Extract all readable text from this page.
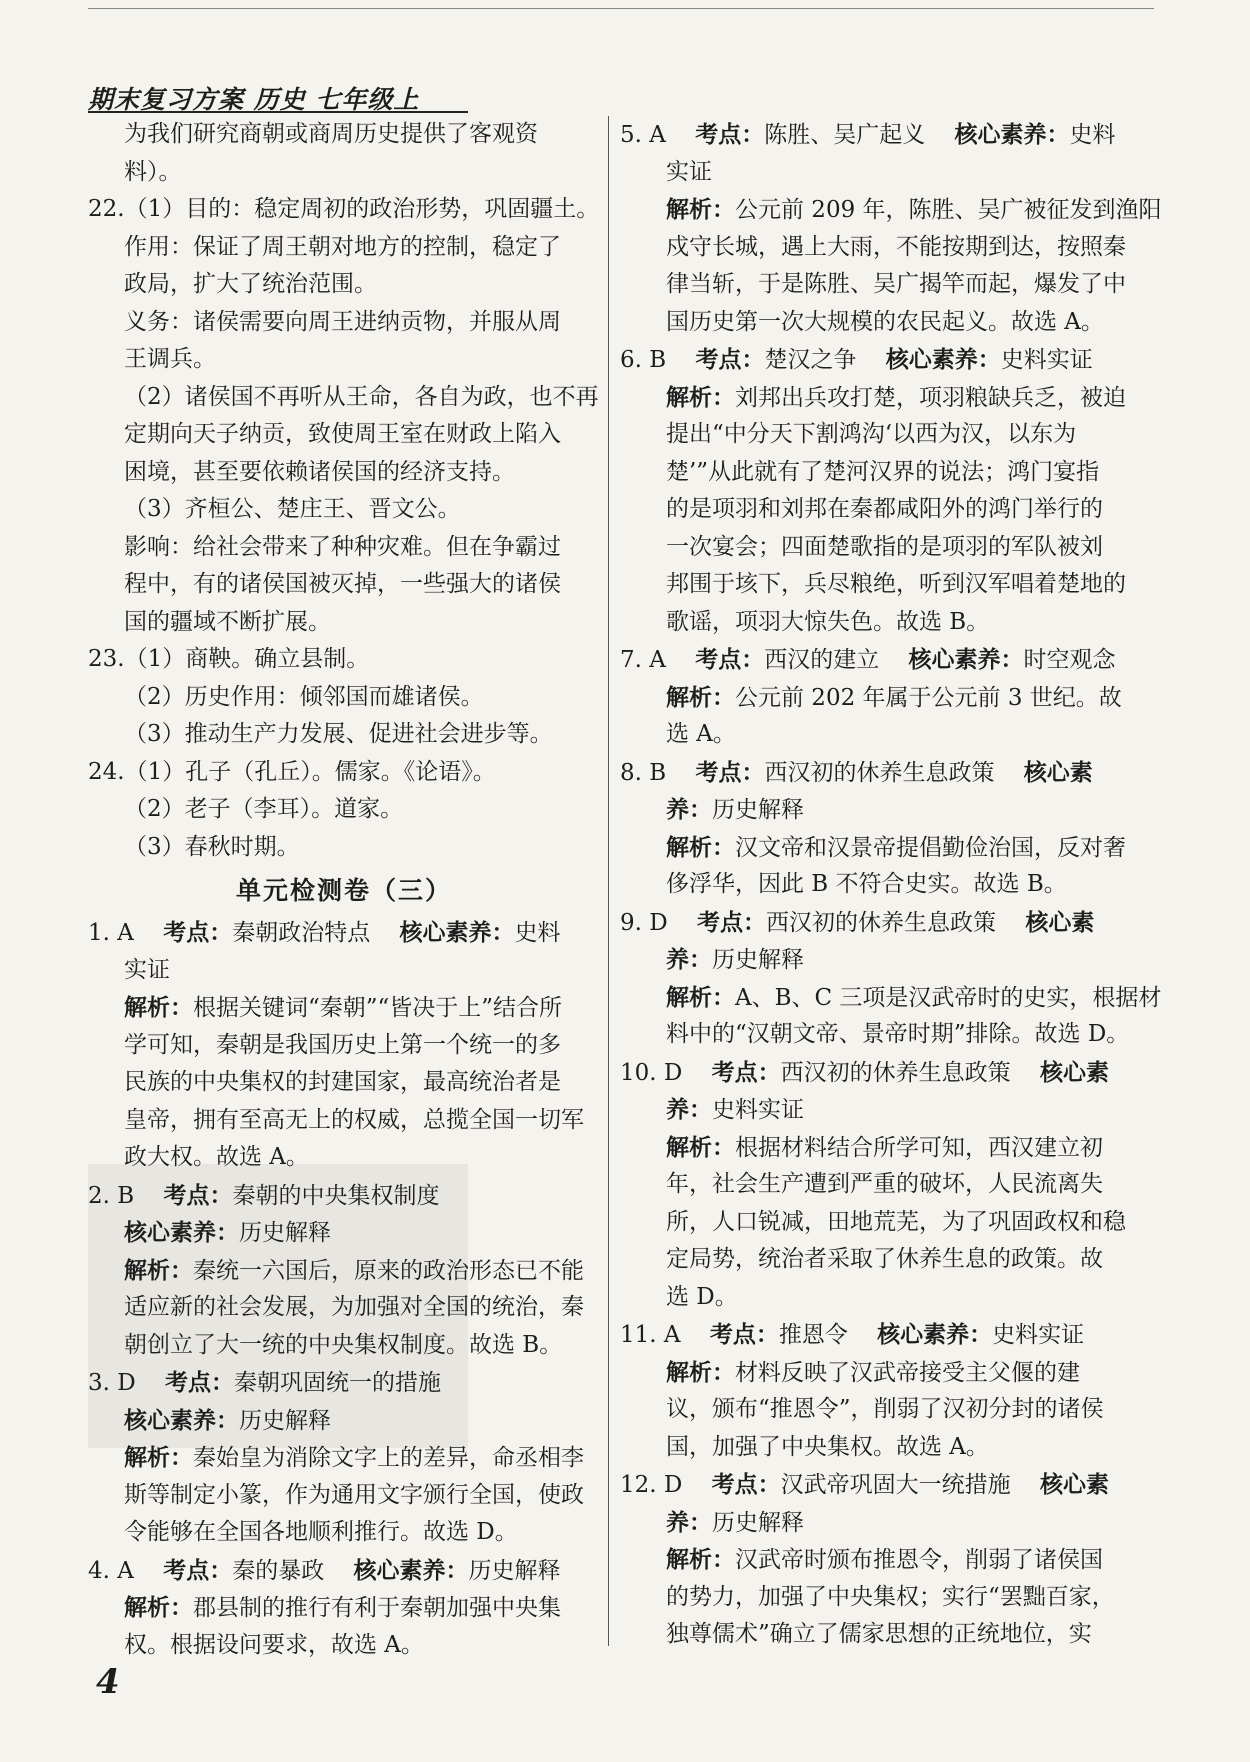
期末复习方案 历史 七年级上
为我们研究商朝或商周历史提供了客观资
料）。
22.（1）目的：稳定周初的政治形势，巩固疆土。
作用：保证了周王朝对地方的控制，稳定了
政局，扩大了统治范围。
义务：诸侯需要向周王进纳贡物，并服从周
王调兵。
（2）诸侯国不再听从王命，各自为政，也不再
定期向天子纳贡，致使周王室在财政上陷入
困境，甚至要依赖诸侯国的经济支持。
（3）齐桓公、楚庄王、晋文公。
影响：给社会带来了种种灾难。但在争霸过
程中，有的诸侯国被灭掉，一些强大的诸侯
国的疆域不断扩展。
23.（1）商鞅。确立县制。
（2）历史作用：倾邻国而雄诸侯。
（3）推动生产力发展、促进社会进步等。
24.（1）孔子（孔丘）。儒家。《论语》。
（2）老子（李耳）。道家。
（3）春秋时期。
单元检测卷（三）
1. A 考点：秦朝政治特点 核心素养：史料
实证
解析：根据关键词“秦朝”“皆决于上”结合所
学可知，秦朝是我国历史上第一个统一的多
民族的中央集权的封建国家，最高统治者是
皇帝，拥有至高无上的权威，总揽全国一切军
政大权。故选 A。
2. B 考点：秦朝的中央集权制度
核心素养：历史解释
解析：秦统一六国后，原来的政治形态已不能
适应新的社会发展，为加强对全国的统治，秦
朝创立了大一统的中央集权制度。故选 B。
3. D 考点：秦朝巩固统一的措施
核心素养：历史解释
解析：秦始皇为消除文字上的差异，命丞相李
斯等制定小篆，作为通用文字颁行全国，使政
令能够在全国各地顺利推行。故选 D。
4. A 考点：秦的暴政 核心素养：历史解释
解析：郡县制的推行有利于秦朝加强中央集
权。根据设问要求，故选 A。
5. A 考点：陈胜、吴广起义 核心素养：史料
实证
解析：公元前 209 年，陈胜、吴广被征发到渔阳
戍守长城，遇上大雨，不能按期到达，按照秦
律当斩，于是陈胜、吴广揭竿而起，爆发了中
国历史第一次大规模的农民起义。故选 A。
6. B 考点：楚汉之争 核心素养：史料实证
解析：刘邦出兵攻打楚，项羽粮缺兵乏，被迫
提出“中分天下割鸿沟‘以西为汉，以东为
楚’”从此就有了楚河汉界的说法；鸿门宴指
的是项羽和刘邦在秦都咸阳外的鸿门举行的
一次宴会；四面楚歌指的是项羽的军队被刘
邦围于垓下，兵尽粮绝，听到汉军唱着楚地的
歌谣，项羽大惊失色。故选 B。
7. A 考点：西汉的建立 核心素养：时空观念
解析：公元前 202 年属于公元前 3 世纪。故
选 A。
8. B 考点：西汉初的休养生息政策 核心素
养：历史解释
解析：汉文帝和汉景帝提倡勤俭治国，反对奢
侈浮华，因此 B 不符合史实。故选 B。
9. D 考点：西汉初的休养生息政策 核心素
养：历史解释
解析：A、B、C 三项是汉武帝时的史实，根据材
料中的“汉朝文帝、景帝时期”排除。故选 D。
10. D 考点：西汉初的休养生息政策 核心素
养：史料实证
解析：根据材料结合所学可知，西汉建立初
年，社会生产遭到严重的破坏，人民流离失
所，人口锐减，田地荒芜，为了巩固政权和稳
定局势，统治者采取了休养生息的政策。故
选 D。
11. A 考点：推恩令 核心素养：史料实证
解析：材料反映了汉武帝接受主父偃的建
议，颁布“推恩令”，削弱了汉初分封的诸侯
国，加强了中央集权。故选 A。
12. D 考点：汉武帝巩固大一统措施 核心素
养：历史解释
解析：汉武帝时颁布推恩令，削弱了诸侯国
的势力，加强了中央集权；实行“罢黜百家，
独尊儒术”确立了儒家思想的正统地位，实
4
